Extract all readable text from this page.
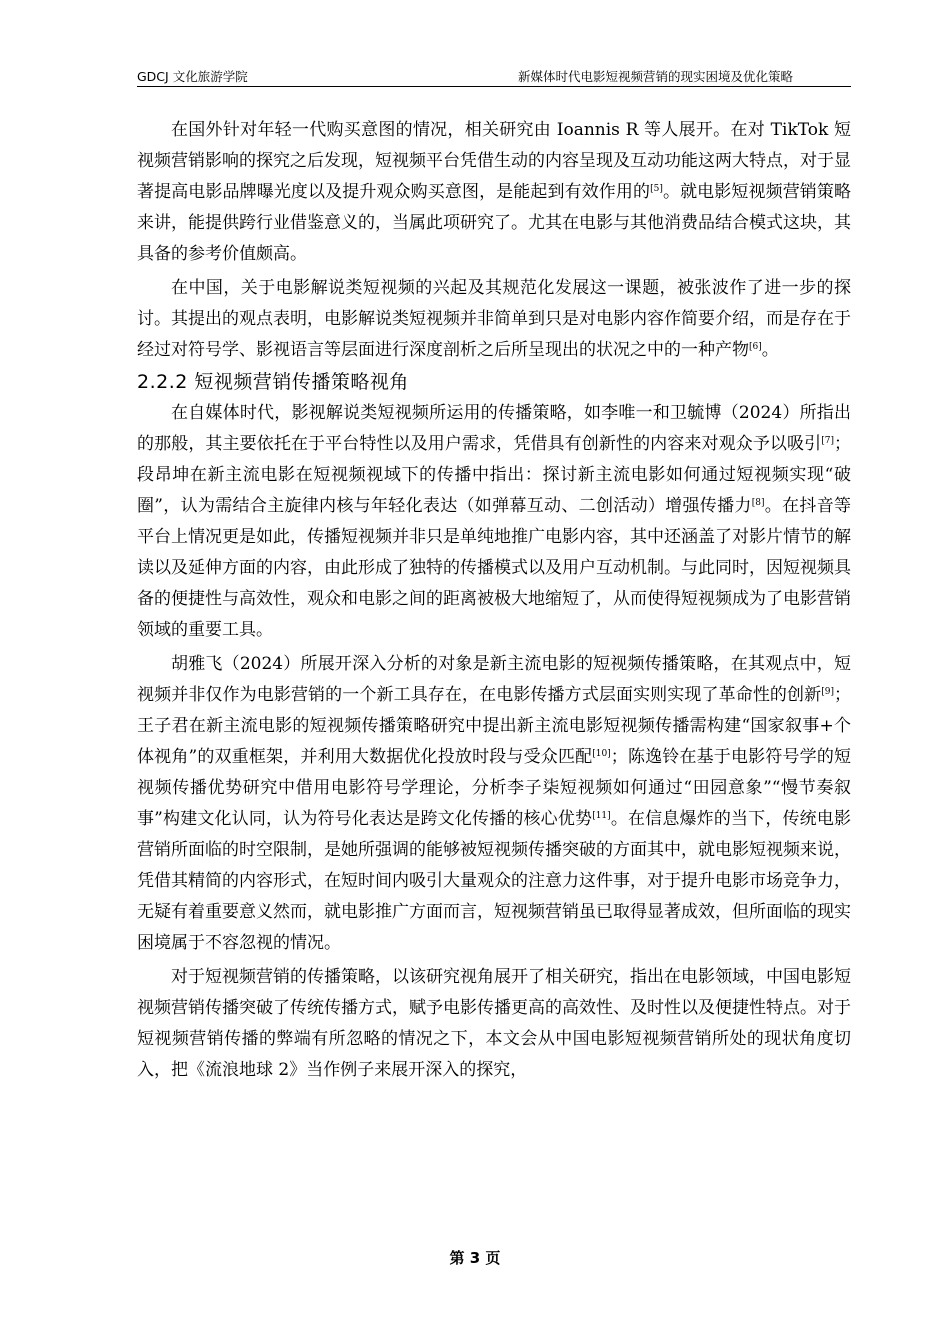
GDCJ 文化旅游学院	新媒体时代电影短视频营销的现实困境及优化策略

在国外针对年轻一代购买意图的情况，相关研究由 Ioannis R 等人展开。在对 TikTok 短视频营销影响的探究之后发现，短视频平台凭借生动的内容呈现及互动功能这两大特点，对于显著提高电影品牌曝光度以及提升观众购买意图，是能起到有效作用的[5]。就电影短视频营销策略来讲，能提供跨行业借鉴意义的，当属此项研究了。尤其在电影与其他消费品结合模式这块，其具备的参考价值颇高。

在中国，关于电影解说类短视频的兴起及其规范化发展这一课题，被张波作了进一步的探讨。其提出的观点表明，电影解说类短视频并非简单到只是对电影内容作简要介绍，而是存在于经过对符号学、影视语言等层面进行深度剖析之后所呈现出的状况之中的一种产物[6]。

2.2.2 短视频营销传播策略视角

在自媒体时代，影视解说类短视频所运用的传播策略，如李唯一和卫毓博（2024）所指出的那般，其主要依托在于平台特性以及用户需求，凭借具有创新性的内容来对观众予以吸引[7]；段昂坤在新主流电影在短视频视域下的传播中指出：探讨新主流电影如何通过短视频实现“破圈”，认为需结合主旋律内核与年轻化表达（如弹幕互动、二创活动）增强传播力[8]。在抖音等平台上情况更是如此，传播短视频并非只是单纯地推广电影内容，其中还涵盖了对影片情节的解读以及延伸方面的内容，由此形成了独特的传播模式以及用户互动机制。与此同时，因短视频具备的便捷性与高效性，观众和电影之间的距离被极大地缩短了，从而使得短视频成为了电影营销领域的重要工具。

胡雅飞（2024）所展开深入分析的对象是新主流电影的短视频传播策略，在其观点中，短视频并非仅作为电影营销的一个新工具存在，在电影传播方式层面实则实现了革命性的创新[9]；王子君在新主流电影的短视频传播策略研究中提出新主流电影短视频传播需构建“国家叙事+个体视角”的双重框架，并利用大数据优化投放时段与受众匹配[10]；陈逸铃在基于电影符号学的短视频传播优势研究中借用电影符号学理论，分析李子柒短视频如何通过“田园意象”“慢节奏叙事”构建文化认同，认为符号化表达是跨文化传播的核心优势[11]。在信息爆炸的当下，传统电影营销所面临的时空限制，是她所强调的能够被短视频传播突破的方面其中，就电影短视频来说，凭借其精简的内容形式，在短时间内吸引大量观众的注意力这件事，对于提升电影市场竞争力，无疑有着重要意义然而，就电影推广方面而言，短视频营销虽已取得显著成效，但所面临的现实困境属于不容忽视的情况。

对于短视频营销的传播策略，以该研究视角展开了相关研究，指出在电影领域，中国电影短视频营销传播突破了传统传播方式，赋予电影传播更高的高效性、及时性以及便捷性特点。对于短视频营销传播的弊端有所忽略的情况之下，本文会从中国电影短视频营销所处的现状角度切入，把《流浪地球 2》当作例子来展开深入的探究，

第 3 页
